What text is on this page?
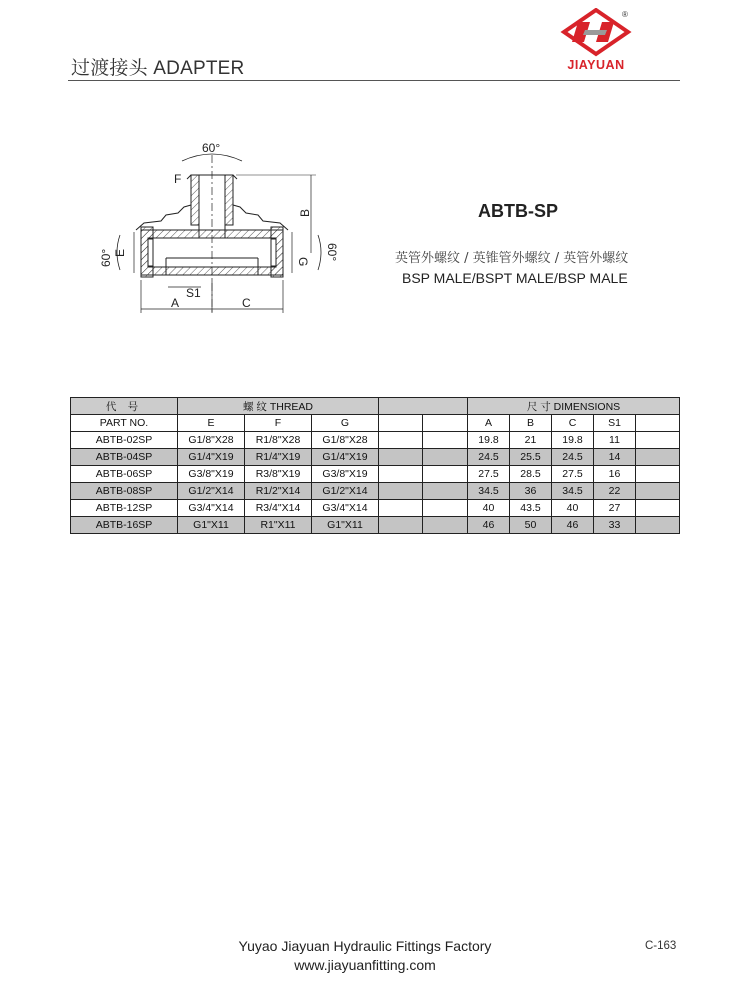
过渡接头 ADAPTER
®
JIAYUAN
60°
F
E
60°
B
G
60°
S1
A	C
ABTB-SP
英管外螺纹 / 英锥管外螺纹 / 英管外螺纹
BSP MALE/BSPT MALE/BSP MALE
代 号	螺 纹 THREAD					尺 寸 DIMENSIONS				
PART NO.	E	F	G			A	B	C	S1	
ABTB-02SP	G1/8"X28	R1/8"X28	G1/8"X28			19.8	21	19.8	11	
ABTB-04SP	G1/4"X19	R1/4"X19	G1/4"X19			24.5	25.5	24.5	14	
ABTB-06SP	G3/8"X19	R3/8"X19	G3/8"X19			27.5	28.5	27.5	16	
ABTB-08SP	G1/2"X14	R1/2"X14	G1/2"X14			34.5	36	34.5	22	
ABTB-12SP	G3/4"X14	R3/4"X14	G3/4"X14			40	43.5	40	27	
ABTB-16SP	G1"X11	R1"X11	G1"X11			46	50	46	33	
Yuyao Jiayuan Hydraulic Fittings Factory
www.jiayuanfitting.com
C-163
